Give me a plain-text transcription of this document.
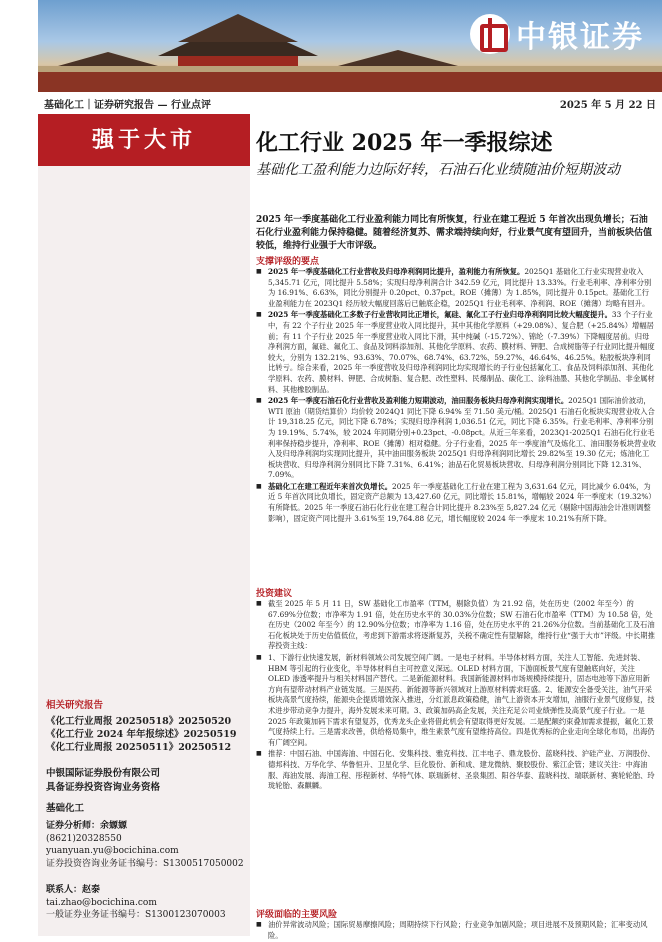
中银证券
基础化工｜证券研究报告 — 行业点评	2025 年 5 月 22 日
强于大市
相关研究报告
《化工行业周报 20250518》20250520
《化工行业 2024 年年报综述》20250519
《化工行业周报 20250511》20250512
中银国际证券股份有限公司
具备证券投资咨询业务资格
基础化工
证券分析师：余嫄嫄
(8621)20328550
yuanyuan.yu@bocichina.com
证券投资咨询业务证书编号：S1300517050002
联系人：赵泰
tai.zhao@bocichina.com
一般证券业务证书编号：S1300123070003
化工行业 2025 年一季报综述
基础化工盈利能力边际好转，石油石化业绩随油价短期波动
2025 年一季度基础化工行业盈利能力同比有所恢复，行业在建工程近 5 年首次出现负增长；石油石化行业盈利能力保持稳健。随着经济复苏、需求端持续向好，行业景气度有望回升，当前板块估值较低，维持行业强于大市评级。
支撑评级的要点
■ 2025 年一季度基础化工行业营收及归母净利润同比提升，盈利能力有所恢复。2025Q1 基础化工行业实现营业收入 5,345.71 亿元，同比提升 5.58%；实现归母净利润合计 342.59 亿元，同比提升 13.33%。行业毛利率、净利率分别为 16.91%、6.63%，同比分别提升 0.20pct、0.37pct。ROE（摊薄）为 1.85%，同比提升 0.15pct。基础化工行业盈利能力在 2023Q1 经历较大幅度回落后已触底企稳，2025Q1 行业毛利率、净利润、ROE（摊薄）均略有回升。
■ 2025 年一季度基础化工多数子行业营收同比正增长，氟硅、氟化工子行业归母净利润同比较大幅度提升。33 个子行业中，有 22 个子行业 2025 年一季度营业收入同比提升，其中其他化学原料（+29.08%）、复合肥（+25.84%）增幅居前；有 11 个子行业 2025 年一季度营业收入同比下滑，其中纯碱（-15.72%）、锦纶（-7.39%）下降幅度居前。归母净利润方面，氟硅、氟化工、食品及饲料添加剂、其他化学原料、农药、膜材料、钾肥、合成树脂等子行业同比提升幅度较大，分别为 132.21%、93.63%、70.07%、68.74%、63.72%、59.27%、46.64%、46.25%。粘胶板块净利同比转亏。综合来看，2025 年一季度营收及归母净利润同比均实现增长的子行业包括氟化工、食品及饲料添加剂、其他化学原料、农药、膜材料、钾肥、合成树脂、复合肥、改性塑料、民爆制品、碳化工、涂料油墨、其他化学制品、非金属材料、其他橡胶制品。
■ 2025 年一季度石油石化行业营收及盈利能力短期波动，油田服务板块归母净利润实现增长。2025Q1 国际油价波动，WTI 原油（期货结算价）均价较 2024Q1 同比下降 6.94% 至 71.50 美元/桶。2025Q1 石油石化板块实现营业收入合计 19,318.25 亿元，同比下降 6.78%；实现归母净利润 1,036.51 亿元，同比下降 6.35%。行业毛利率、净利率分别为 19.19%、5.74%，较 2024 年同期分别+0.23pct、-0.08pct。从近三年来看，2023Q1-2025Q1 石油石化行业毛利率保持稳步提升，净利率、ROE（摊薄）相对稳健。分子行业看，2025 年一季度油气及炼化工、油田服务板块营业收入及归母净利润均实现同比提升，其中油田服务板块 2025Q1 归母净利润同比增长 29.82%至 19.30 亿元；炼油化工板块营收、归母净利润分别同比下降 7.31%、6.41%；油品石化贸易板块营收、归母净利润分别同比下降 12.31%、7.09%。
■ 基础化工在建工程近年来首次负增长。2025 年一季度基础化工行业在建工程为 3,631.64 亿元，同比减少 6.04%，为近 5 年首次同比负增长，固定资产总额为 13,427.60 亿元，同比增长 15.81%，增幅较 2024 年一季度末（19.32%）有所降低。2025 年一季度石油石化行业在建工程合计同比提升 8.23%至 5,827.24 亿元（剔除中国海油会计准则调整影响），固定资产同比提升 3.61%至 19,764.88 亿元，增长幅度较 2024 年一季度末 10.21%有所下降。
投资建议
■ 截至 2025 年 5 月 11 日，SW 基础化工市盈率（TTM，剔除负值）为 21.92 倍，处在历史（2002 年至今）的 67.69%分位数；市净率为 1.91 倍，处在历史水平的 30.03%分位数；SW 石油石化市盈率（TTM）为 10.58 倍，处在历史（2002 年至今）的 12.90%分位数；市净率为 1.16 倍，处在历史水平的 21.26%分位数。当前基础化工及石油石化板块处于历史估值低位，考虑到下游需求将逐渐复苏，关税不确定性有望解除，维持行业“强于大市”评级。中长期推荐投资主线：
■ 1、下游行业快速发展，新材料领域公司发展空间广阔。一是电子材料。半导体材料方面，关注人工智能、先进封装、HBM 等引起的行业变化，半导体材料自主可控意义深远。OLED 材料方面，下游面板景气度有望触底向好，关注 OLED 渗透率提升与相关材料国产替代。二是新能源材料。我国新能源材料市场规模持续提升，固态电池等下游应用新方向有望带动材料产业链发展。三是医药、新能源等新兴领域对上游原材料需求旺盛。2、能源安全备受关注，油气开采板块高景气度持续，能源央企提质增效深入推进，分红派息政策稳健，油气上游资本开支增加，油服行业景气度修复，技术进步带动竞争力提升，海外发展未来可期。3、政策加码高企发展，关注充足公司业绩弹性及高景气度子行业。一是 2025 年政策加码下需求有望复苏，优秀龙头企业将借此机会有望取得更好发展。二是配额约束叠加需求提振，氟化工景气度持续上行。三是需求改善，供给格局集中，维生素景气度有望维持高位。四是优秀标的企业走向全球化布局，出海仍有广阔空间。
■ 推荐：中国石油、中国海油、中国石化、安集科技、雅克科技、江丰电子、鼎龙股份、蓝晓科技、沪硅产业、万润股份、德邦科技、万华化学、华鲁恒升、卫星化学、巨化股份、新和成、建龙微纳、聚胶股份、紫江企管；建议关注：中海油服、海油发展、海油工程、彤程新材、华特气体、联瑞新材、圣泉集团、阳谷华泰、蓝晓科技、瑞联新材、赛轮轮胎、玲珑轮胎、森麒麟。
评级面临的主要风险
■ 油价异常波动风险；国际贸易摩擦风险；周期持续下行风险；行业竞争加剧风险；项目进展不及预期风险；汇率变动风险。
